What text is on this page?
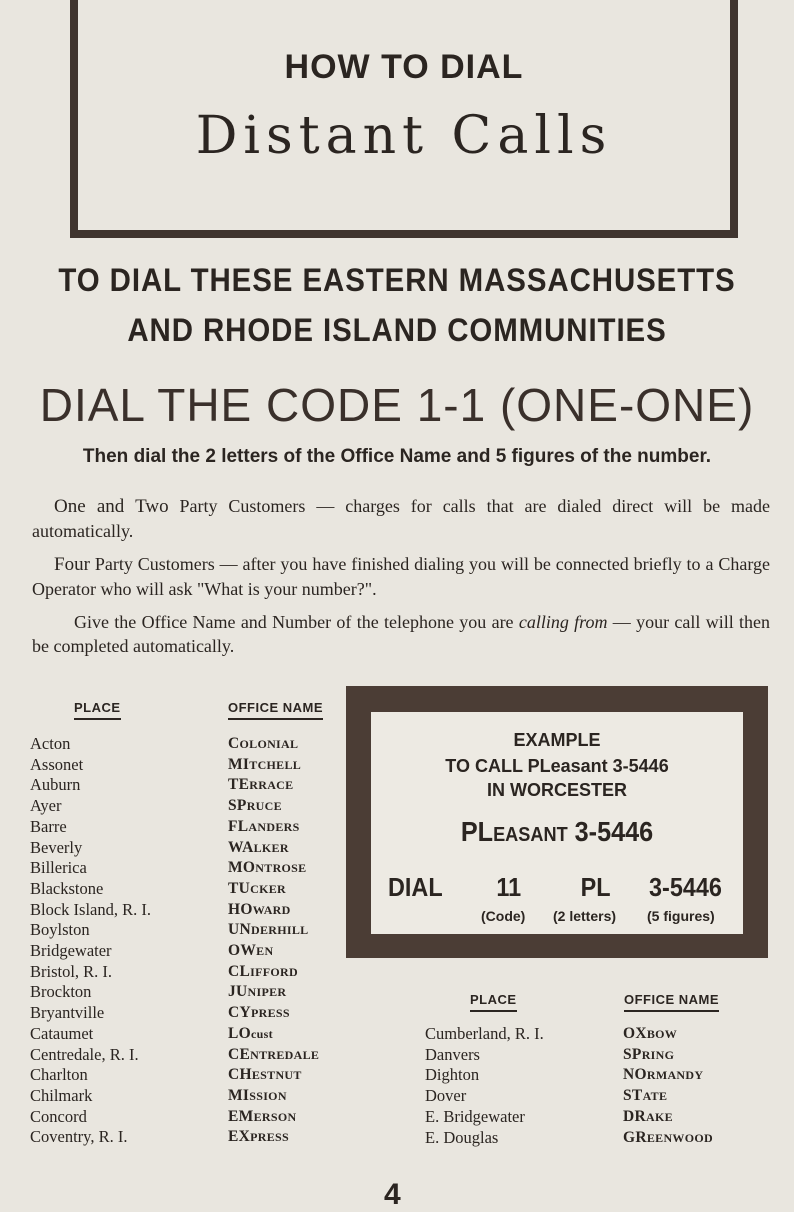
HOW TO DIAL
Distant Calls
TO DIAL THESE EASTERN MASSACHUSETTS
AND RHODE ISLAND COMMUNITIES
DIAL THE CODE 1-1 (ONE-ONE)
Then dial the 2 letters of the Office Name and 5 figures of the number.
One and Two Party Customers — charges for calls that are dialed direct will be made automatically.
Four Party Customers — after you have finished dialing you will be connected briefly to a Charge Operator who will ask "What is your number?".
Give the Office Name and Number of the telephone you are calling from — your call will then be completed automatically.
PLACE	OFFICE NAME
Acton
Assonet
Auburn
Ayer
Barre
Beverly
Billerica
Blackstone
Block Island, R. I.
Boylston
Bridgewater
Bristol, R. I.
Brockton
Bryantville
Cataumet
Centredale, R. I.
Charlton
Chilmark
Concord
Coventry, R. I.
COLONIAL
MITCHELL
TERRACE
SPRUCE
FLANDERS
WALKER
MONTROSE
TUCKER
HOWARD
UNDERHILL
OWEN
CLIFFORD
JUNIPER
CYPRESS
LOcust
CENTREDALE
CHESTNUT
MISSION
EMERSON
EXPRESS
EXAMPLE
TO CALL PLeasant 3-5446
IN WORCESTER
PLEASANT 3-5446
DIAL 11 PL 3-5446
(Code) (2 letters) (5 figures)
PLACE	OFFICE NAME
Cumberland, R. I.
Danvers
Dighton
Dover
E. Bridgewater
E. Douglas
OXBOW
SPRING
NORMANDY
STATE
DRAKE
GREENWOOD
4
